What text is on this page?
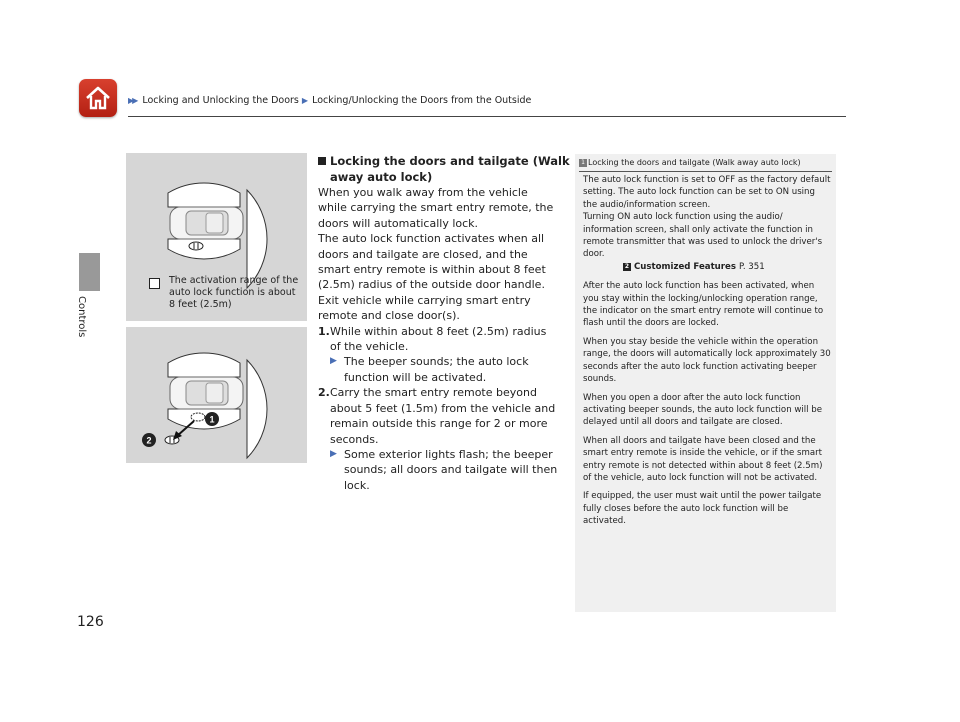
▶▶ Locking and Unlocking the Doors ▶ Locking/Unlocking the Doors from the Outside
Controls
126
The activation range of the auto lock function is about 8 feet (2.5m)
1
2
Locking the doors and tailgate (Walk
away auto lock)

When you walk away from the vehicle while carrying the smart entry remote, the doors will automatically lock.

The auto lock function activates when all doors and tailgate are closed, and the smart entry remote is within about 8 feet (2.5m) radius of the outside door handle.

Exit vehicle while carrying smart entry remote and close door(s).

1. While within about 8 feet (2.5m) radius of the vehicle.
▶ The beeper sounds; the auto lock function will be activated.
2. Carry the smart entry remote beyond about 5 feet (1.5m) from the vehicle and remain outside this range for 2 or more seconds.
▶ Some exterior lights flash; the beeper sounds; all doors and tailgate will then lock.
1 Locking the doors and tailgate (Walk away auto lock)

The auto lock function is set to OFF as the factory default setting. The auto lock function can be set to ON using the audio/information screen.

Turning ON auto lock function using the audio/ information screen, shall only activate the function in remote transmitter that was used to unlock the driver's door.

2 Customized Features P. 351

After the auto lock function has been activated, when you stay within the locking/unlocking operation range, the indicator on the smart entry remote will continue to flash until the doors are locked.

When you stay beside the vehicle within the operation range, the doors will automatically lock approximately 30 seconds after the auto lock function activating beeper sounds.

When you open a door after the auto lock function activating beeper sounds, the auto lock function will be delayed until all doors and tailgate are closed.

When all doors and tailgate have been closed and the smart entry remote is inside the vehicle, or if the smart entry remote is not detected within about 8 feet (2.5m) of the vehicle, auto lock function will not be activated.

If equipped, the user must wait until the power tailgate fully closes before the auto lock function will be activated.
